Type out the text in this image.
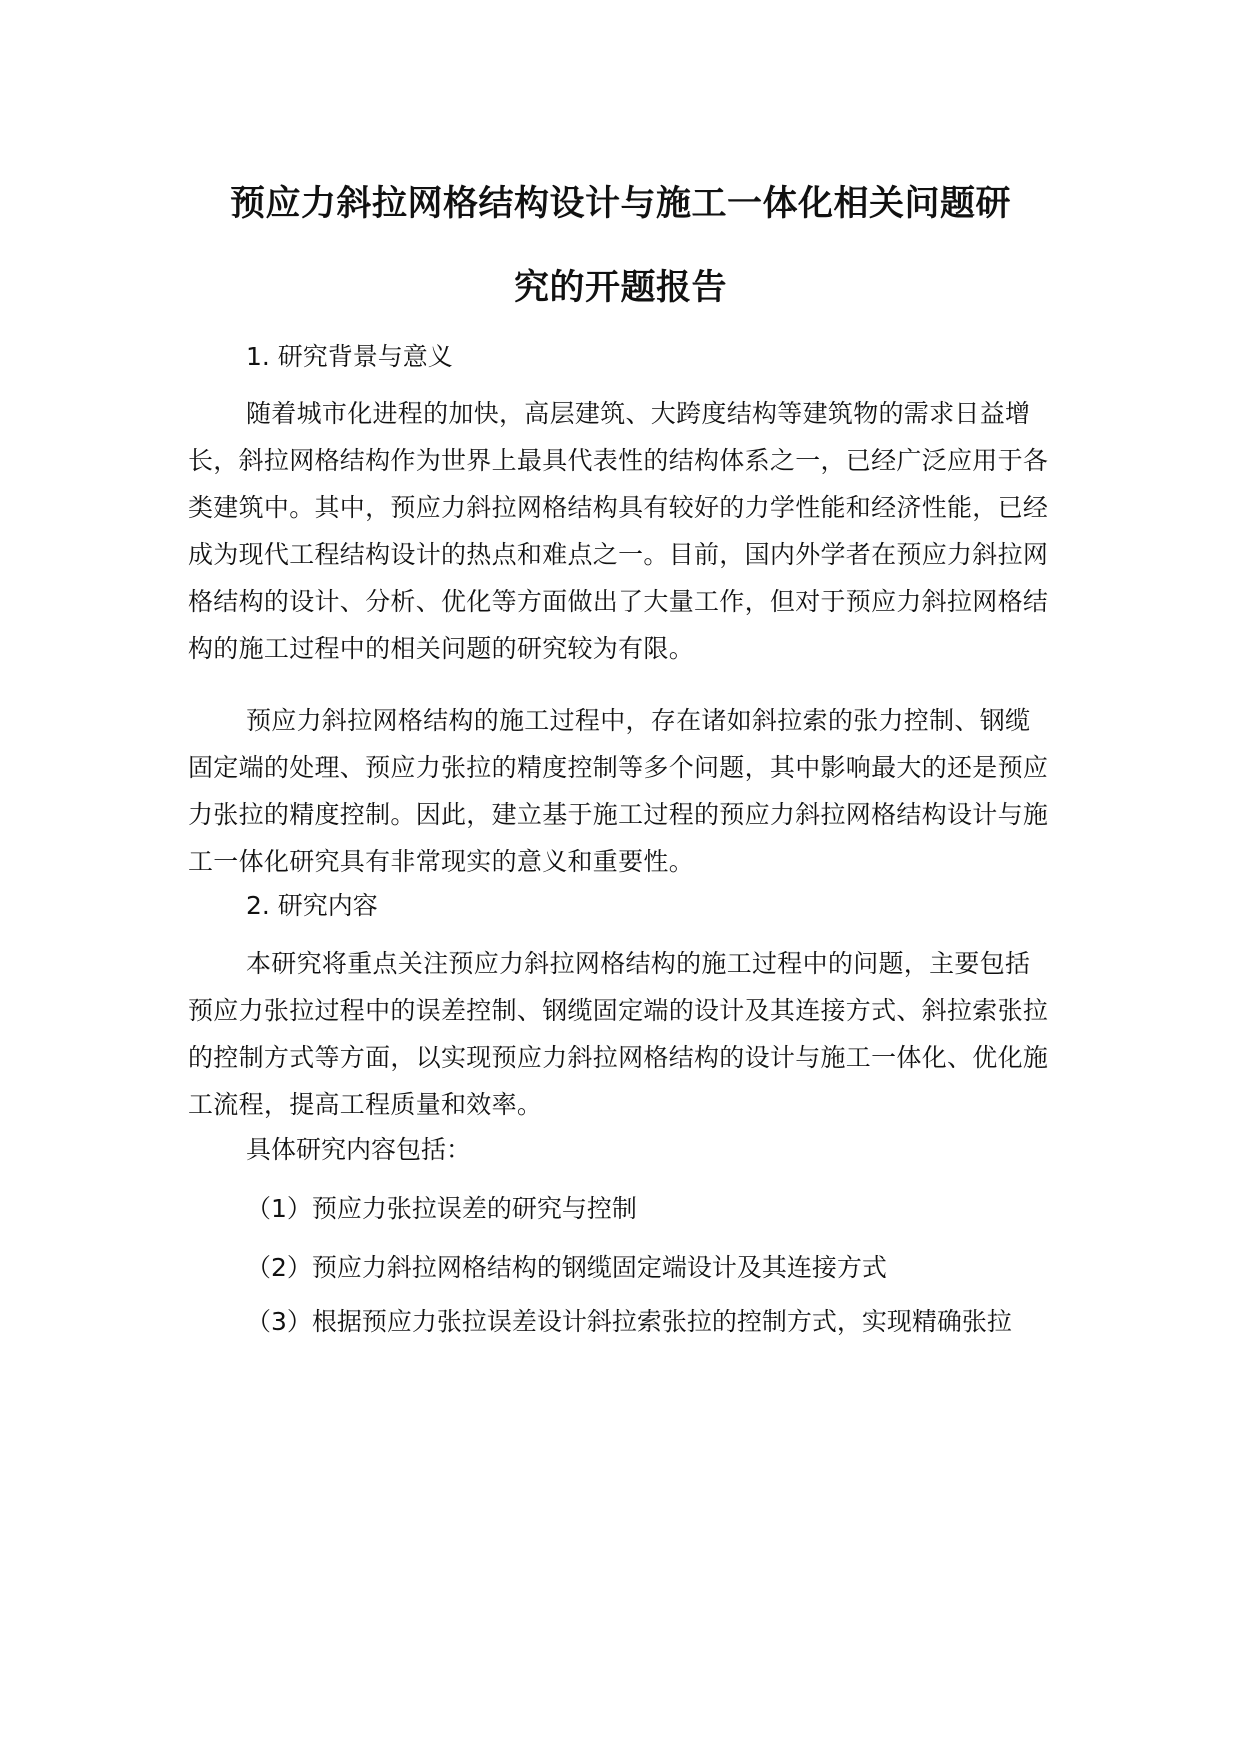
预应力斜拉网格结构设计与施工一体化相关问题研
究的开题报告
1. 研究背景与意义
随着城市化进程的加快，高层建筑、大跨度结构等建筑物的需求日益增长，斜拉网格结构作为世界上最具代表性的结构体系之一，已经广泛应用于各类建筑中。其中，预应力斜拉网格结构具有较好的力学性能和经济性能，已经成为现代工程结构设计的热点和难点之一。目前，国内外学者在预应力斜拉网格结构的设计、分析、优化等方面做出了大量工作，但对于预应力斜拉网格结构的施工过程中的相关问题的研究较为有限。
预应力斜拉网格结构的施工过程中，存在诸如斜拉索的张力控制、钢缆固定端的处理、预应力张拉的精度控制等多个问题，其中影响最大的还是预应力张拉的精度控制。因此，建立基于施工过程的预应力斜拉网格结构设计与施工一体化研究具有非常现实的意义和重要性。
2. 研究内容
本研究将重点关注预应力斜拉网格结构的施工过程中的问题，主要包括预应力张拉过程中的误差控制、钢缆固定端的设计及其连接方式、斜拉索张拉的控制方式等方面，以实现预应力斜拉网格结构的设计与施工一体化、优化施工流程，提高工程质量和效率。
具体研究内容包括：
（1）预应力张拉误差的研究与控制
（2）预应力斜拉网格结构的钢缆固定端设计及其连接方式
（3）根据预应力张拉误差设计斜拉索张拉的控制方式，实现精确张拉
